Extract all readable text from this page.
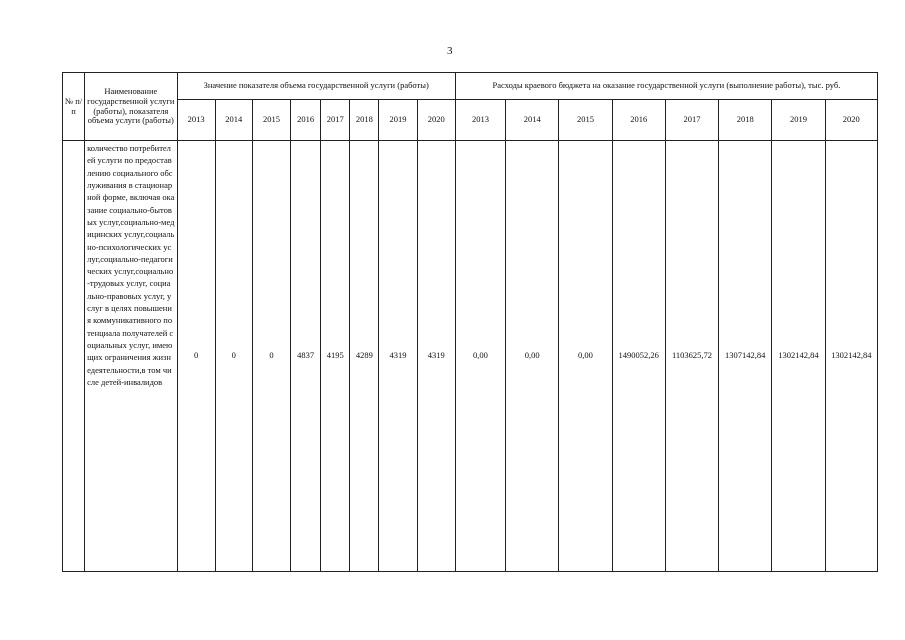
3
№ п/ п	Наименование государственной услуги (работы), показателя объема услуги (работы)	Значение показателя объема государственной услуги (работы)								Расходы краевого бюджета на оказание государственной услуги (выполнение работы), тыс. руб.							
		2013	2014	2015	2016	2017	2018	2019	2020	2013	2014	2015	2016	2017	2018	2019	2020
	количество потребителей услуги по предоставлению социального обслуживания в стационарной форме, включая оказание социально-бытовых услуг,социально-медицинских услуг,социально-психологических услуг,социально-педагогических услуг,социально-трудовых услуг, социально-правовых услуг, услуг в целях повышения коммуникативного потенциала получателей социальных услуг, имеющих ограничения жизнедеятельности,в том числе детей-инвалидов	0	0	0	4837	4195	4289	4319	4319	0,00	0,00	0,00	1490052,26	1103625,72	1307142,84	1302142,84	1302142,84
